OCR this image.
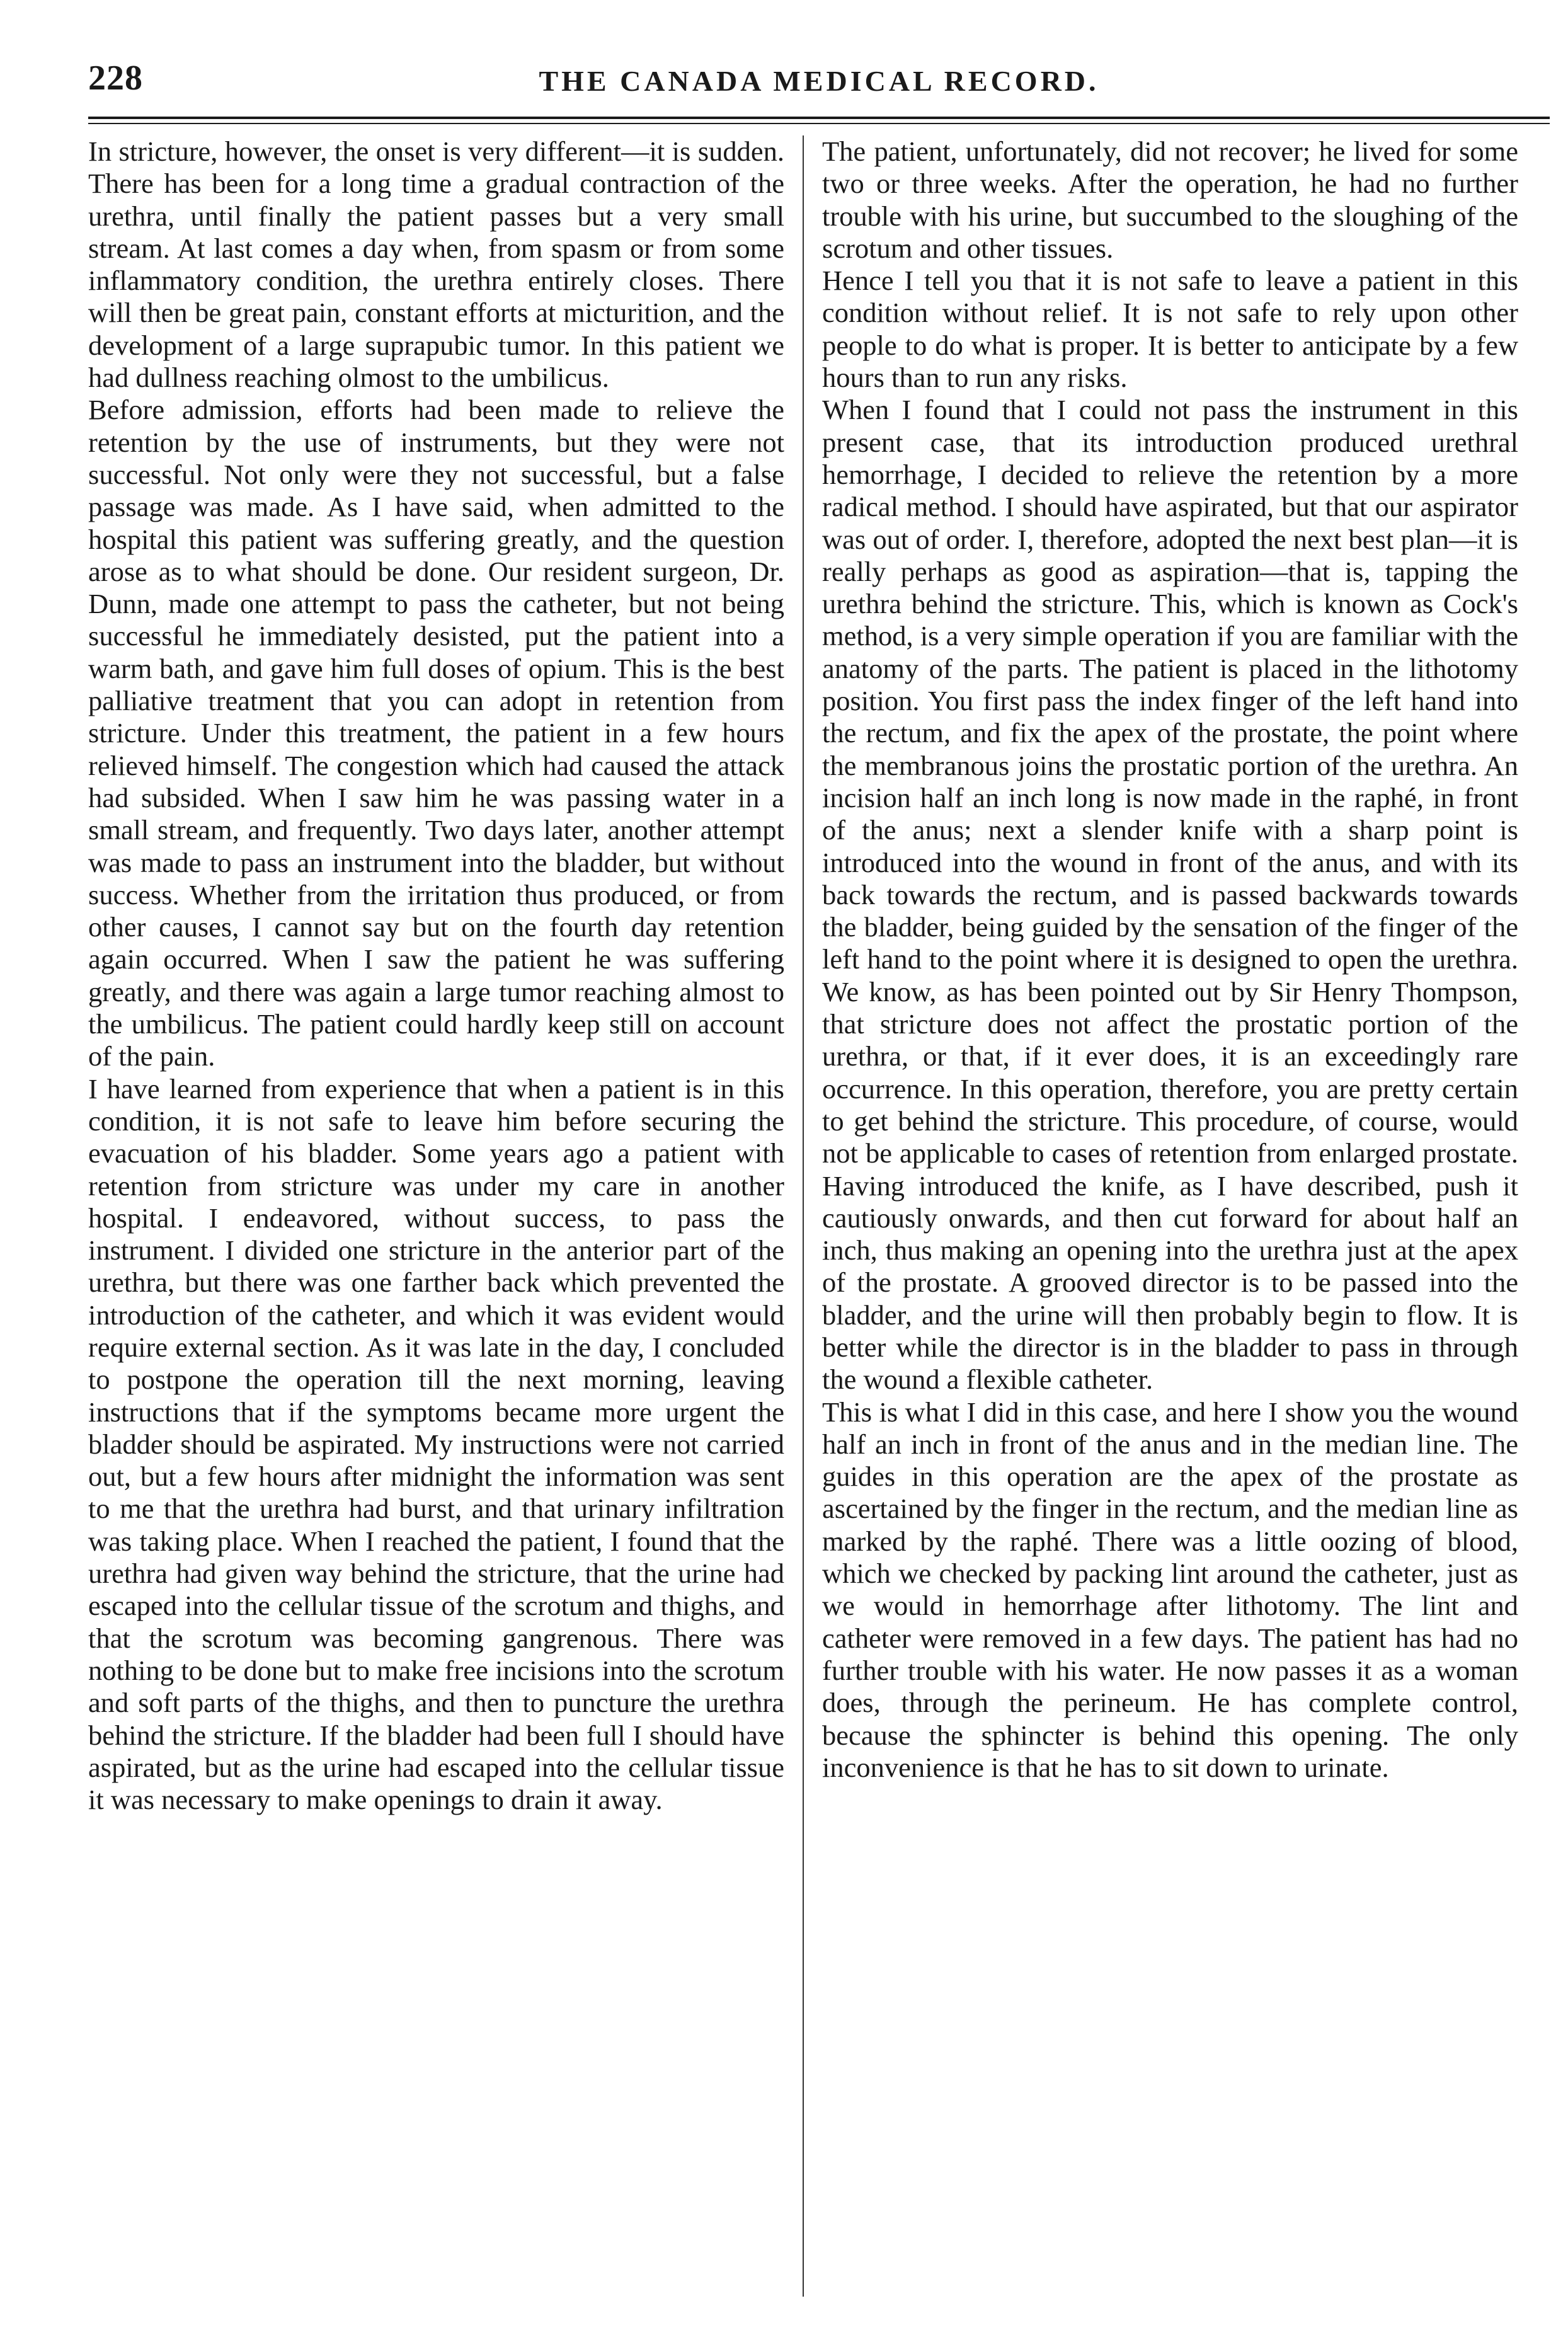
228	THE CANADA MEDICAL RECORD.

In stricture, however, the onset is very different—it is sudden. There has been for a long time a gradual contraction of the urethra, until finally the patient passes but a very small stream. At last comes a day when, from spasm or from some inflammatory condition, the urethra entirely closes. There will then be great pain, constant efforts at micturition, and the development of a large suprapubic tumor. In this patient we had dullness reaching olmost to the umbilicus.

Before admission, efforts had been made to relieve the retention by the use of instruments, but they were not successful. Not only were they not successful, but a false passage was made. As I have said, when admitted to the hospital this patient was suffering greatly, and the question arose as to what should be done. Our resident surgeon, Dr. Dunn, made one attempt to pass the catheter, but not being successful he immediately desisted, put the patient into a warm bath, and gave him full doses of opium. This is the best palliative treatment that you can adopt in retention from stricture. Under this treatment, the patient in a few hours relieved himself. The congestion which had caused the attack had subsided. When I saw him he was passing water in a small stream, and frequently. Two days later, another attempt was made to pass an instrument into the bladder, but without success. Whether from the irritation thus produced, or from other causes, I cannot say but on the fourth day retention again occurred. When I saw the patient he was suffering greatly, and there was again a large tumor reaching almost to the umbilicus. The patient could hardly keep still on account of the pain.

I have learned from experience that when a patient is in this condition, it is not safe to leave him before securing the evacuation of his bladder. Some years ago a patient with retention from stricture was under my care in another hospital. I endeavored, without success, to pass the instrument. I divided one stricture in the anterior part of the urethra, but there was one farther back which prevented the introduction of the catheter, and which it was evident would require external section. As it was late in the day, I concluded to postpone the operation till the next morning, leaving instructions that if the symptoms became more urgent the bladder should be aspirated. My instructions were not carried out, but a few hours after midnight the information was sent to me that the urethra had burst, and that urinary infiltration was taking place. When I reached the patient, I found that the urethra had given way behind the stricture, that the urine had escaped into the cellular tissue of the scrotum and thighs, and that the scrotum was becoming gangrenous. There was nothing to be done but to make free incisions into the scrotum and soft parts of the thighs, and then to puncture the urethra behind the stricture. If the bladder had been full I should have aspirated, but as the urine had escaped into the cellular tissue it was necessary to make openings to drain it away.

The patient, unfortunately, did not recover; he lived for some two or three weeks. After the operation, he had no further trouble with his urine, but succumbed to the sloughing of the scrotum and other tissues.

Hence I tell you that it is not safe to leave a patient in this condition without relief. It is not safe to rely upon other people to do what is proper. It is better to anticipate by a few hours than to run any risks.

When I found that I could not pass the instrument in this present case, that its introduction produced urethral hemorrhage, I decided to relieve the retention by a more radical method. I should have aspirated, but that our aspirator was out of order. I, therefore, adopted the next best plan—it is really perhaps as good as aspiration—that is, tapping the urethra behind the stricture. This, which is known as Cock's method, is a very simple operation if you are familiar with the anatomy of the parts. The patient is placed in the lithotomy position. You first pass the index finger of the left hand into the rectum, and fix the apex of the prostate, the point where the membranous joins the prostatic portion of the urethra. An incision half an inch long is now made in the raphé, in front of the anus; next a slender knife with a sharp point is introduced into the wound in front of the anus, and with its back towards the rectum, and is passed backwards towards the bladder, being guided by the sensation of the finger of the left hand to the point where it is designed to open the urethra. We know, as has been pointed out by Sir Henry Thompson, that stricture does not affect the prostatic portion of the urethra, or that, if it ever does, it is an exceedingly rare occurrence. In this operation, therefore, you are pretty certain to get behind the stricture. This procedure, of course, would not be applicable to cases of retention from enlarged prostate. Having introduced the knife, as I have described, push it cautiously onwards, and then cut forward for about half an inch, thus making an opening into the urethra just at the apex of the prostate. A grooved director is to be passed into the bladder, and the urine will then probably begin to flow. It is better while the director is in the bladder to pass in through the wound a flexible catheter.

This is what I did in this case, and here I show you the wound half an inch in front of the anus and in the median line. The guides in this operation are the apex of the prostate as ascertained by the finger in the rectum, and the median line as marked by the raphé. There was a little oozing of blood, which we checked by packing lint around the catheter, just as we would in hemorrhage after lithotomy. The lint and catheter were removed in a few days. The patient has had no further trouble with his water. He now passes it as a woman does, through the perineum. He has complete control, because the sphincter is behind this opening. The only inconvenience is that he has to sit down to urinate.
